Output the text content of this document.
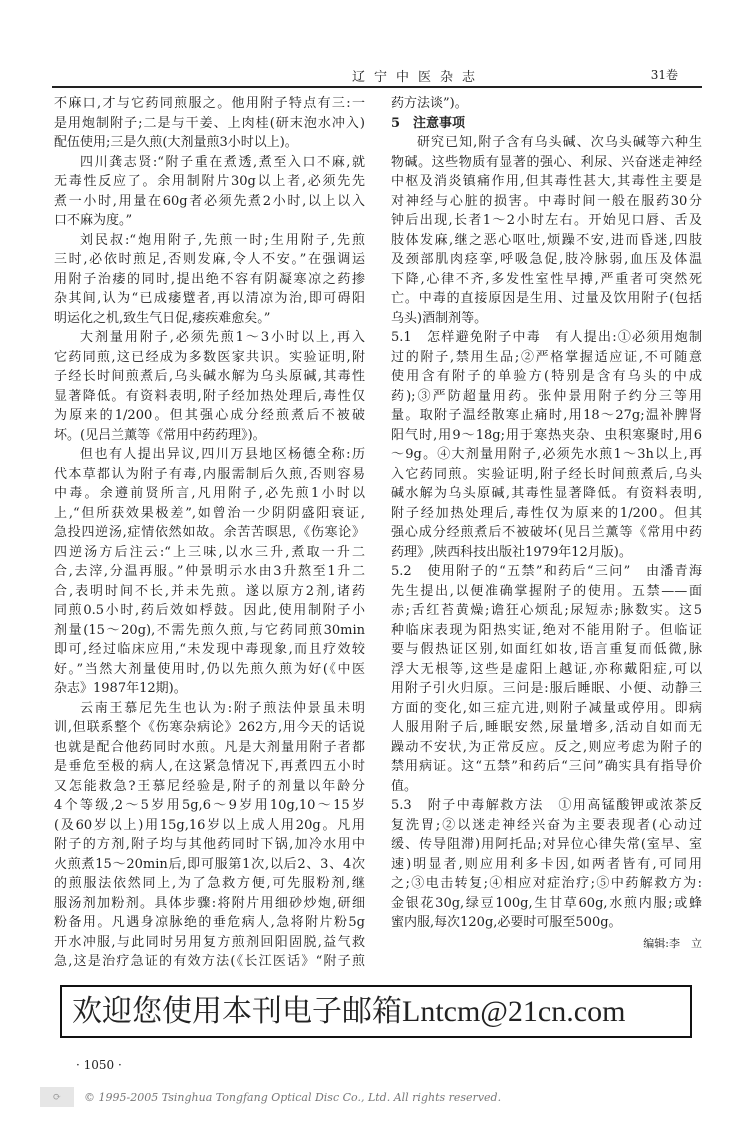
辽宁中医杂志	31卷
不麻口,才与它药同煎服之。他用附子特点有三:一
是用炮制附子;二是与干姜、上肉桂(研末泡水冲入)
配伍使用;三是久煎(大剂量煎3小时以上)。
四川龚志贤:“附子重在煮透,煮至入口不麻,就
无毒性反应了。余用制附片30g以上者,必须先先
煮一小时,用量在60g者必须先煮2小时,以上以入
口不麻为度。”
刘民叔:“炮用附子,先煎一时;生用附子,先煎
三时,必依时煎足,否则发麻,令人不安。”在强调运
用附子治痿的同时,提出绝不容有阴凝寒凉之药掺
杂其间,认为“已成痿躄者,再以清凉为治,即可碍阳
明运化之机,致生气日促,痿疾难愈矣。”
大剂量用附子,必须先煎1～3小时以上,再入
它药同煎,这已经成为多数医家共识。实验证明,附
子经长时间煎煮后,乌头碱水解为乌头原碱,其毒性
显著降低。有资料表明,附子经加热处理后,毒性仅
为原来的1/200。但其强心成分经煎煮后不被破
坏。(见吕兰薰等《常用中药药理》)。
但也有人提出异议,四川万县地区杨德全称:历
代本草都认为附子有毒,内服需制后久煎,否则容易
中毒。余遵前贤所言,凡用附子,必先煎1小时以
上,“但所获效果极差”,如曾治一少阴阴盛阳衰证,
急投四逆汤,症情依然如故。余苦苦暝思,《伤寒论》
四逆汤方后注云:“上三味,以水三升,煮取一升二
合,去滓,分温再服。”仲景明示水由3升熬至1升二
合,表明时间不长,并未先煎。遂以原方2剂,诸药
同煎0.5小时,药后效如桴鼓。因此,使用制附子小
剂量(15～20g),不需先煎久煎,与它药同煎30min
即可,经过临床应用,“未发现中毒现象,而且疗效较
好。”当然大剂量使用时,仍以先煎久煎为好(《中医
杂志》1987年12期)。
云南王慕尼先生也认为:附子煎法仲景虽未明
训,但联系整个《伤寒杂病论》262方,用今天的话说
也就是配合他药同时水煎。凡是大剂量用附子者都
是垂危至极的病人,在这紧急情况下,再煮四五小时
又怎能救急?王慕尼经验是,附子的剂量以年龄分
4个等级,2～5岁用5g,6～9岁用10g,10～15岁
(及60岁以上)用15g,16岁以上成人用20g。凡用
附子的方剂,附子均与其他药同时下锅,加冷水用中
火煎煮15～20min后,即可服第1次,以后2、3、4次
的煎服法依然同上,为了急救方便,可先服粉剂,继
服汤剂加粉剂。具体步骤:将附片用细砂炒炮,研细
粉备用。凡遇身凉脉绝的垂危病人,急将附片粉5g
开水冲服,与此同时另用复方煎剂回阳固脱,益气救
急,这是治疗急证的有效方法(《长江医话》“附子煎
药方法谈”)。
5　注意事项
研究已知,附子含有乌头碱、次乌头碱等六种生
物碱。这些物质有显著的强心、利尿、兴奋迷走神经
中枢及消炎镇痛作用,但其毒性甚大,其毒性主要是
对神经与心脏的损害。中毒时间一般在服药30分
钟后出现,长者1～2小时左右。开始见口唇、舌及
肢体发麻,继之恶心呕吐,烦躁不安,进而昏迷,四肢
及颈部肌肉痉挛,呼吸急促,肢冷脉弱,血压及体温
下降,心律不齐,多发性室性早搏,严重者可突然死
亡。中毒的直接原因是生用、过量及饮用附子(包括
乌头)酒制剂等。
5.1　怎样避免附子中毒　有人提出:①必须用炮制
过的附子,禁用生品;②严格掌握适应证,不可随意
使用含有附子的单验方(特别是含有乌头的中成
药);③严防超量用药。张仲景用附子约分三等用
量。取附子温经散寒止痛时,用18～27g;温补脾肾
阳气时,用9～18g;用于寒热夹杂、虫积寒聚时,用6
～9g。④大剂量用附子,必须先水煎1～3h以上,再
入它药同煎。实验证明,附子经长时间煎煮后,乌头
碱水解为乌头原碱,其毒性显著降低。有资料表明,
附子经加热处理后,毒性仅为原来的1/200。但其
强心成分经煎煮后不被破坏(见吕兰薰等《常用中药
药理》,陕西科技出版社1979年12月版)。
5.2　使用附子的“五禁”和药后“三问”　由潘青海
先生提出,以便准确掌握附子的使用。五禁——面
赤;舌红苔黄燥;谵狂心烦乱;尿短赤;脉数实。这5
种临床表现为阳热实证,绝对不能用附子。但临证
要与假热证区别,如面红如妆,语言重复而低微,脉
浮大无根等,这些是虚阳上越证,亦称戴阳症,可以
用附子引火归原。三问是:服后睡眠、小便、动静三
方面的变化,如三症亢进,则附子减量或停用。即病
人服用附子后,睡眠安然,尿量增多,活动自如而无
躁动不安状,为正常反应。反之,则应考虑为附子的
禁用病证。这“五禁”和药后“三问”确实具有指导价
值。
5.3　附子中毒解救方法　①用高锰酸钾或浓茶反
复洗胃;②以迷走神经兴奋为主要表现者(心动过
缓、传导阻滞)用阿托品;对异位心律失常(室早、室
速)明显者,则应用利多卡因,如两者皆有,可同用
之;③电击转复;④相应对症治疗;⑤中药解救方为:
金银花30g,绿豆100g,生甘草60g,水煎内服;或蜂
蜜内服,每次120g,必要时可服至500g。
编辑:李　立
欢迎您使用本刊电子邮箱Lntcm@21cn.com
· 1050 ·
⟳	© 1995-2005 Tsinghua Tongfang Optical Disc Co., Ltd. All rights reserved.
